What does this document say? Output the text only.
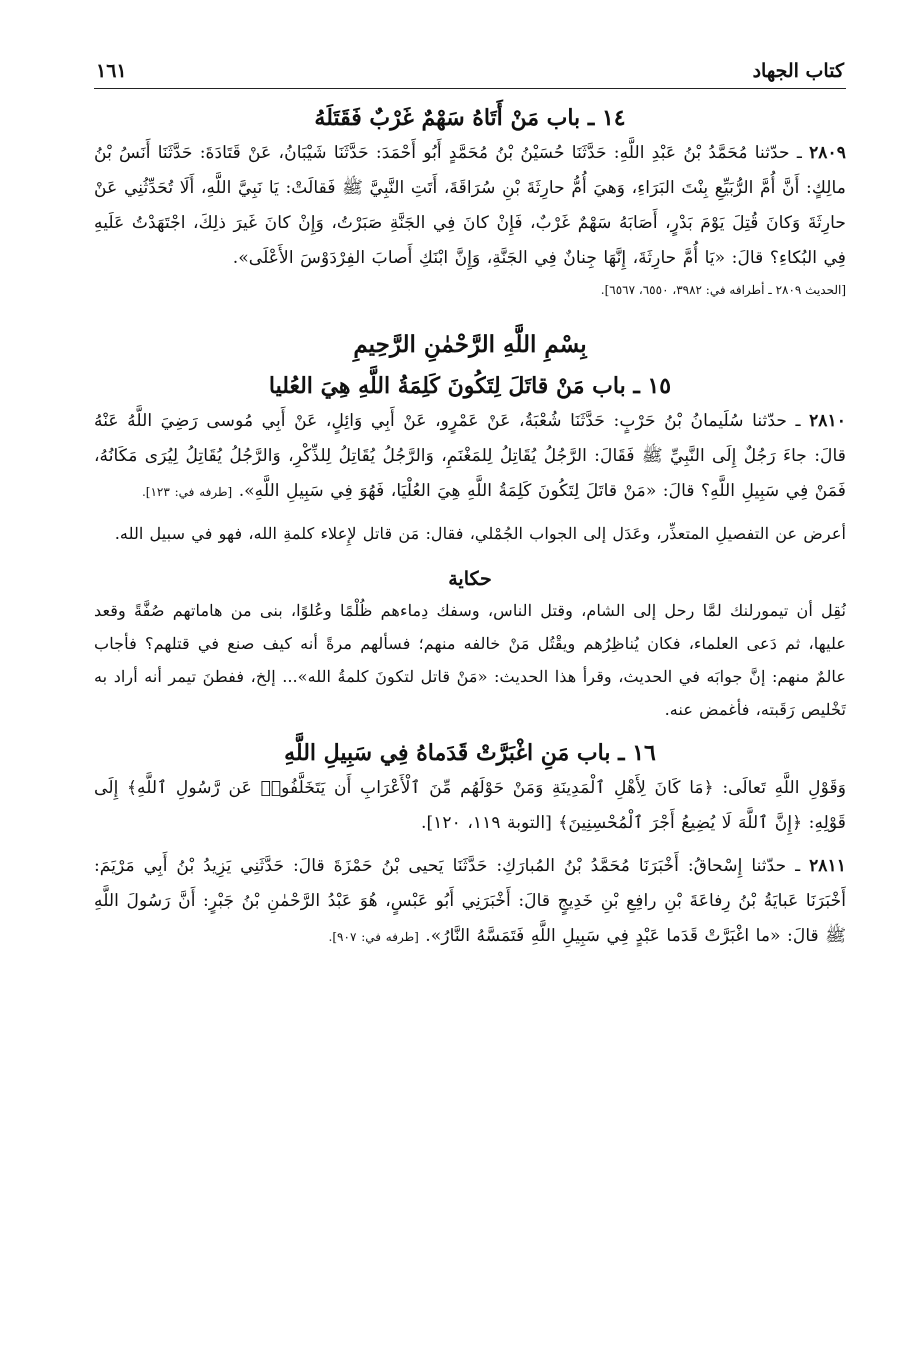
كتاب الجهاد
١٦١
١٤ ـ باب مَنْ أَتَاهُ سَهْمٌ غَرْبٌ فَقَتَلَهُ

٢٨٠٩ ـ حدّثنا مُحَمَّدُ بْنُ عَبْدِ اللَّهِ: حَدَّثَنَا حُسَيْنُ بْنُ مُحَمَّدٍ أَبُو أَحْمَدَ: حَدَّثَنَا شَيْبَانُ، عَنْ قَتَادَةَ: حَدَّثَنَا أَنَسُ بْنُ مالِكٍ: أَنَّ أُمَّ الرُّبَيِّعِ بِنْتَ البَرَاءِ، وَهيَ أُمُّ حارِثَةَ بْنِ سُرَاقَةَ، أَتَتِ النَّبِيَّ ﷺ فَقالَتْ: يَا نَبِيَّ اللَّهِ، أَلَا تُحَدِّثُنِي عَنْ حارِثَةَ وَكانَ قُتِلَ يَوْمَ بَدْرٍ، أَصَابَهُ سَهْمٌ غَرْبٌ، فَإِنْ كانَ فِي الجَنَّةِ صَبَرْتُ، وَإِنْ كانَ غَيرَ ذلِكَ، اجْتَهَدْتُ عَلَيهِ فِي البُكاءِ؟ قالَ: «يَا أُمَّ حارِثَةَ، إِنَّهَا جِنانٌ فِي الجَنَّةِ، وَإِنَّ ابْنَكِ أَصابَ الفِرْدَوْسَ الأَعْلَى».

[الحديث ٢٨٠٩ ـ أطرافه في: ٣٩٨٢، ٦٥٥٠، ٦٥٦٧].
بِسْمِ اللَّهِ الرَّحْمٰنِ الرَّحِيمِ
١٥ ـ باب مَنْ قاتَلَ لِتَكُونَ كَلِمَةُ اللَّهِ هِيَ العُليا

٢٨١٠ ـ حدّثنا سُلَيمانُ بْنُ حَرْبٍ: حَدَّثَنَا شُعْبَةُ، عَنْ عَمْرٍو، عَنْ أَبِي وَائِلٍ، عَنْ أَبِي مُوسى رَضِيَ اللَّهُ عَنْهُ قالَ: جاءَ رَجُلٌ إِلَى النَّبِيِّ ﷺ فَقَالَ: الرَّجُلُ يُقَاتِلُ لِلمَغْنَمِ، وَالرَّجُلُ يُقَاتِلُ لِلذِّكْرِ، وَالرَّجُلُ يُقَاتِلُ لِيُرَى مَكَانُهُ، فَمَنْ فِي سَبِيلِ اللَّهِ؟ قالَ: «مَنْ قاتَلَ لِتَكُونَ كَلِمَةُ اللَّهِ هِيَ العُلْيَا، فَهُوَ فِي سَبِيلِ اللَّهِ». [طرفه في: ١٢٣].

أعرض عن التفصيلِ المتعذِّر، وعَدَل إلى الجواب الجُمْلي، فقال: مَن قاتل لإِعلاء كلمةِ الله، فهو في سبيل الله.

حكاية

نُقِل أن تيمورلنك لمَّا رحل إلى الشام، وقتل الناس، وسفك دِماءهم ظُلْمًا وعُلوًا، بنى من هاماتهم صُفَّةً وقعد عليها، ثم دَعى العلماء، فكان يُناظِرُهم ويقْتُل مَنْ خالفه منهم؛ فسألهم مرةً أنه كيف صنع في قتلهم؟ فأجاب عالمٌ منهم: إنَّ جوابَه في الحديث، وقرأ هذا الحديث: «مَنْ قاتل لتكونَ كلمةُ الله»... إلخ، ففطنَ تيمر أنه أراد به تَخْليص رَقَبته، فأغمض عنه.

١٦ ـ باب مَنِ اغْبَرَّتْ قَدَماهُ فِي سَبِيلِ اللَّهِ

وَقَوْلِ اللَّهِ تَعالَى: ﴿مَا كَانَ لِأَهْلِ ٱلْمَدِينَةِ وَمَنْ حَوْلَهُم مِّنَ ٱلْأَعْرَابِ أَن يَتَخَلَّفُوا۟ عَن رَّسُولِ ٱللَّهِ﴾ إِلَى قَوْلِهِ: ﴿إِنَّ ٱللَّهَ لَا يُضِيعُ أَجْرَ ٱلْمُحْسِنِينَ﴾ [التوبة ١١٩، ١٢٠].

٢٨١١ ـ حدّثنا إِسْحاقُ: أَخْبَرَنَا مُحَمَّدُ بْنُ المُبارَكِ: حَدَّثَنَا يَحيى بْنُ حَمْزَةَ قالَ: حَدَّثَنِي يَزِيدُ بْنُ أَبِي مَرْيَمَ: أَخْبَرَنَا عَبايَةُ بْنُ رِفاعَةَ بْنِ رافِعِ بْنِ خَدِيجٍ قالَ: أَخْبَرَنِي أَبُو عَبْسٍ، هُوَ عَبْدُ الرَّحْمٰنِ بْنُ جَبْرٍ: أَنَّ رَسُولَ اللَّهِ ﷺ قالَ: «ما اغْبَرَّتْ قَدَما عَبْدٍ فِي سَبِيلِ اللَّهِ فَتَمَسَّهُ النَّارُ». [طرفه في: ٩٠٧].
